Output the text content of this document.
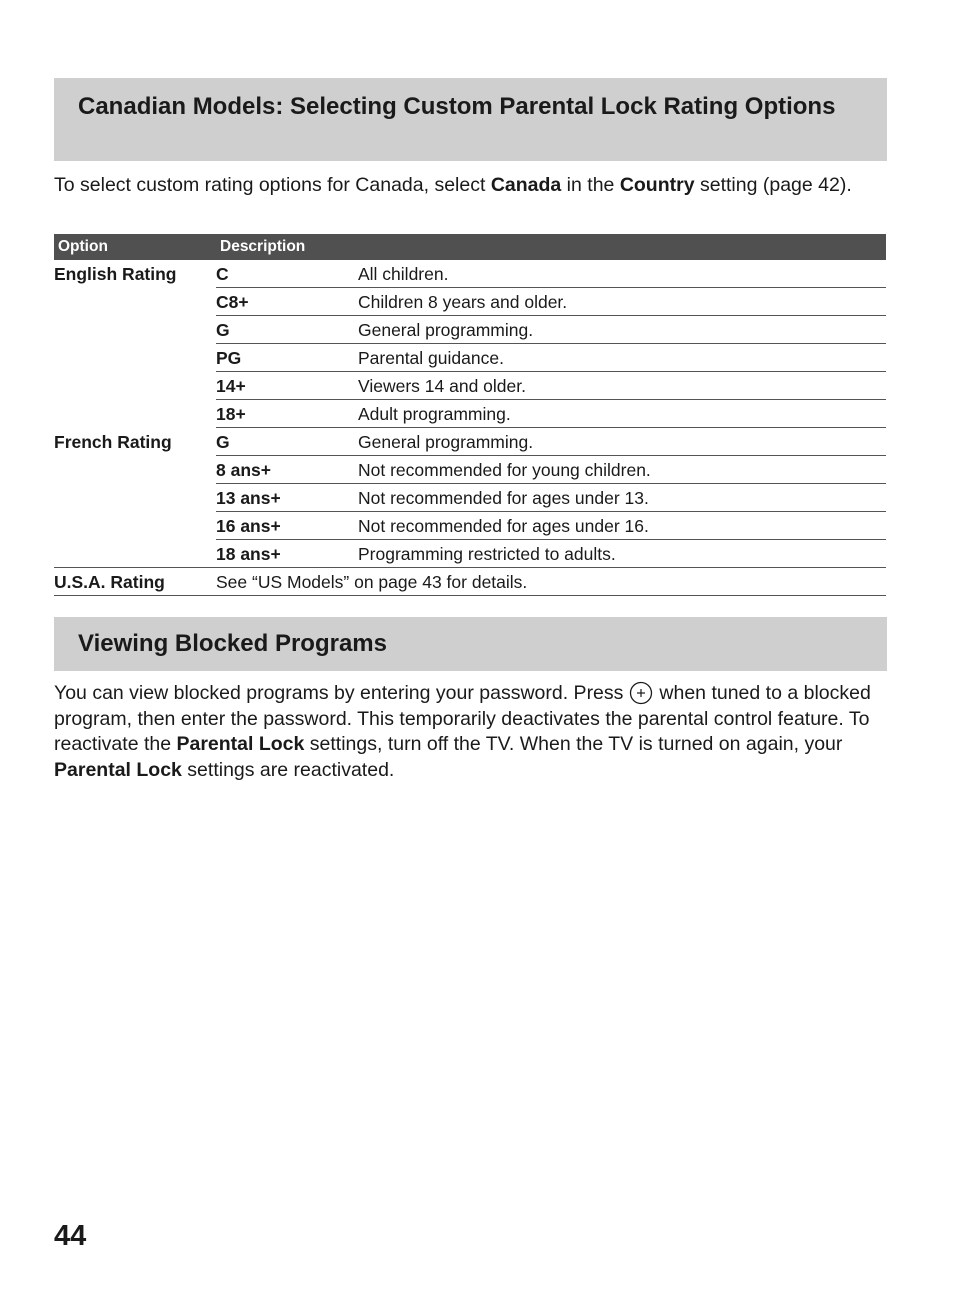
Canadian Models: Selecting Custom Parental Lock Rating Options

To select custom rating options for Canada, select Canada in the Country setting (page 42).

Option	Description	
English Rating	C	All children.
	C8+	Children 8 years and older.
	G	General programming.
	PG	Parental guidance.
	14+	Viewers 14 and older.
	18+	Adult programming.
French Rating	G	General programming.
	8 ans+	Not recommended for young children.
	13 ans+	Not recommended for ages under 13.
	16 ans+	Not recommended for ages under 16.
	18 ans+	Programming restricted to adults.
U.S.A. Rating	See “US Models” on page 43 for details.	
Viewing Blocked Programs

You can view blocked programs by entering your password. Press when tuned to a blocked program, then enter the password. This temporarily deactivates the parental control feature. To reactivate the Parental Lock settings, turn off the TV. When the TV is turned on again, your Parental Lock settings are reactivated.

44
